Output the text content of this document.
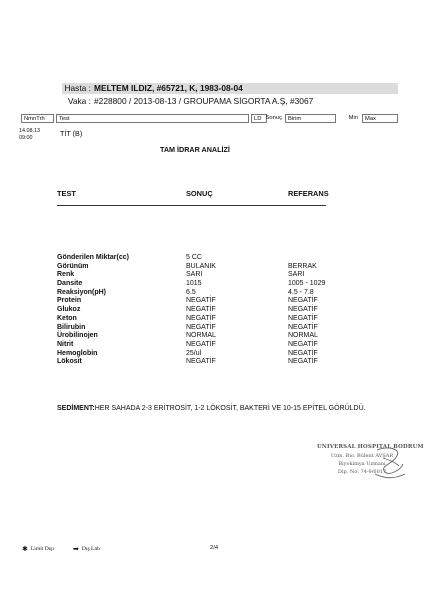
Hasta : MELTEM ILDIZ, #65721, K, 1983-08-04
Vaka : #228800 / 2013-08-13 / GROUPAMA SİGORTA A.Ş, #3067
NmnTrh	Test	LD Sonuç	Birim	Min	Max
14.08.13
09:00	TİT (B)
TAM İDRAR ANALİZİ
TEST	SONUÇ	REFERANS
Gönderilen Miktar(cc)	5 CC
Görünüm	BULANIK	BERRAK
Renk	SARI	SARI
Dansite	1015	1005 - 1029
Reaksiyon(pH)	6.5	4.5 - 7.8
Protein	NEGATİF	NEGATİF
Glukoz	NEGATİF	NEGATİF
Keton	NEGATİF	NEGATİF
Bilirubin	NEGATİF	NEGATİF
Ürobilinojen	NORMAL	NORMAL
Nitrit	NEGATİF	NEGATİF
Hemoglobin	25/ul	NEGATİF
Lökosit	NEGATİF	NEGATİF
SEDİMENT:HER SAHADA 2-3 ERİTROSİT, 1-2 LÖKOSİT, BAKTERİ VE 10-15 EPİTEL GÖRÜLDÜ.
UNIVERSAL HOSPITAL BODRUM
Uzm. Bio. Bülent AVŞAR
Biyokimya Uzmanı
Dip. No: 74-9/6017
✱ Limit Dışı	➡ Dış Lab	2/4
